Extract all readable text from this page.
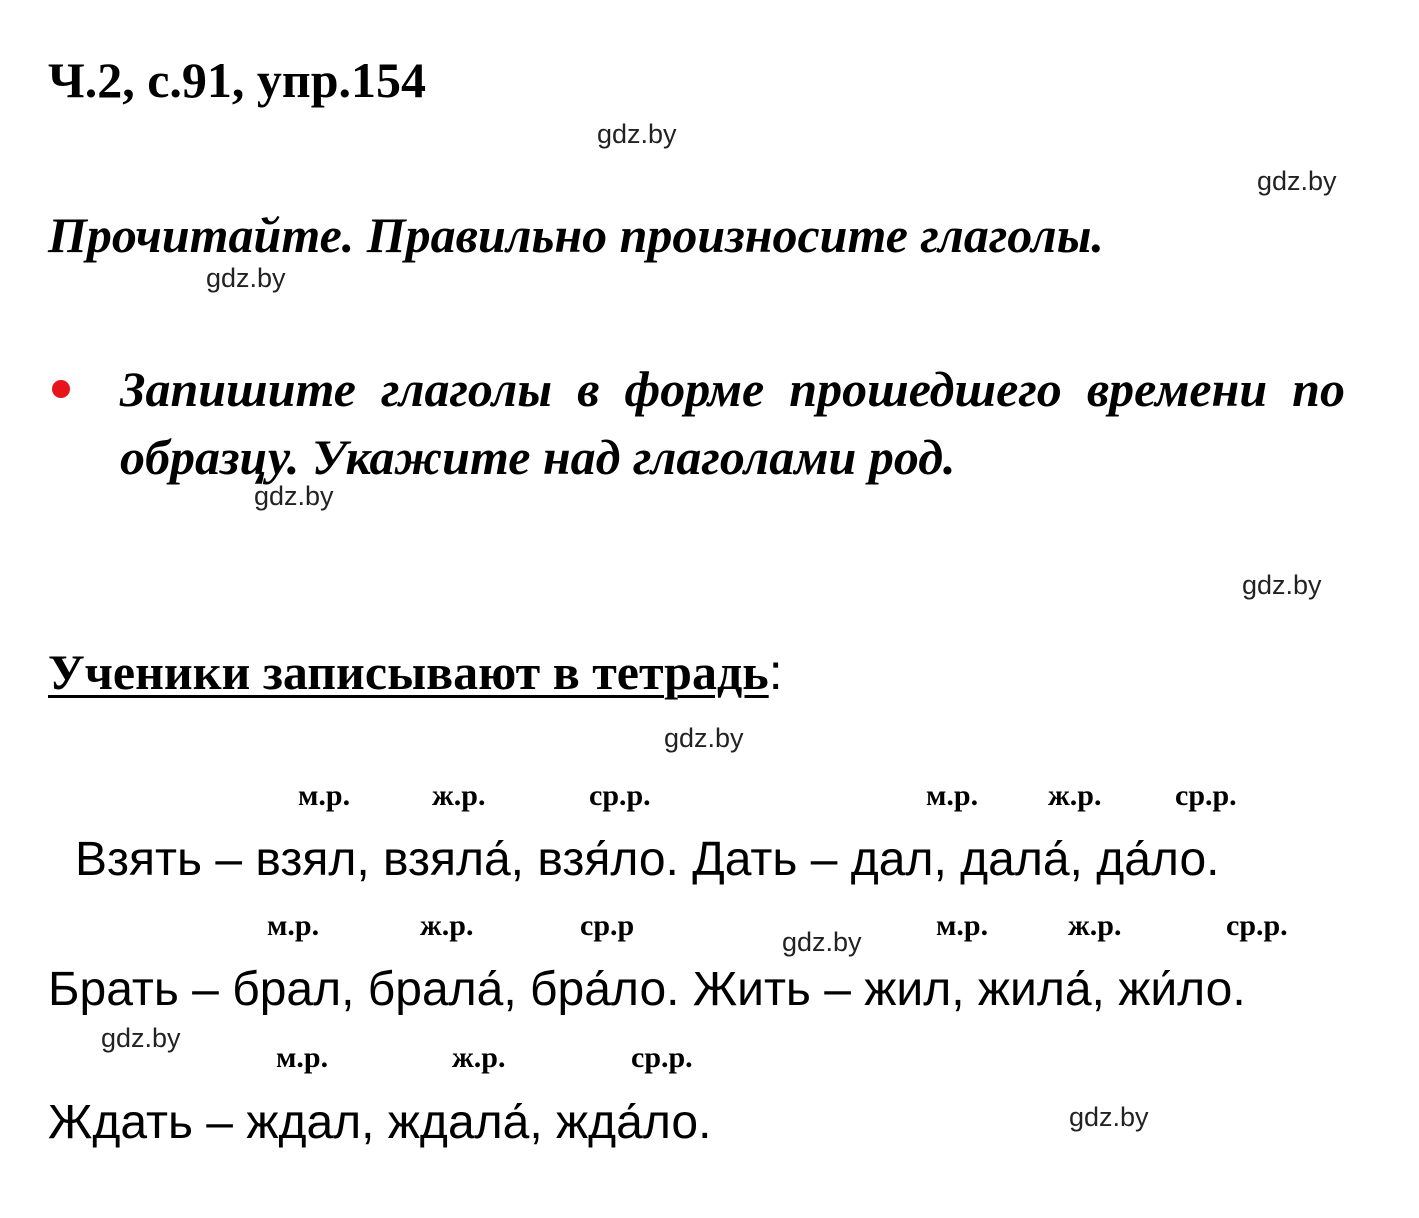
Ч.2, с.91, упр.154
Прочитайте. Правильно произносите глаголы.
Запишите глаголы в форме прошедшего времени по образцу. Укажите над глаголами род.
Ученики записывают в тетрадь:
м.р.	ж.р.	ср.р.	м.р. ж.р. ср.р.
Взять – взял, взяла́, взя́ло. Дать – дал, дала́, да́ло.
м.р.	ж.р.	ср.р	м.р.	ж.р.	ср.р.
Брать – брал, брала́, бра́ло. Жить – жил, жила́, жи́ло.
м.р.	ж.р.	ср.р.
Ждать – ждал, ждала́, жда́ло.
gdz.by
gdz.by
gdz.by
gdz.by
gdz.by
gdz.by
gdz.by
gdz.by
gdz.by
